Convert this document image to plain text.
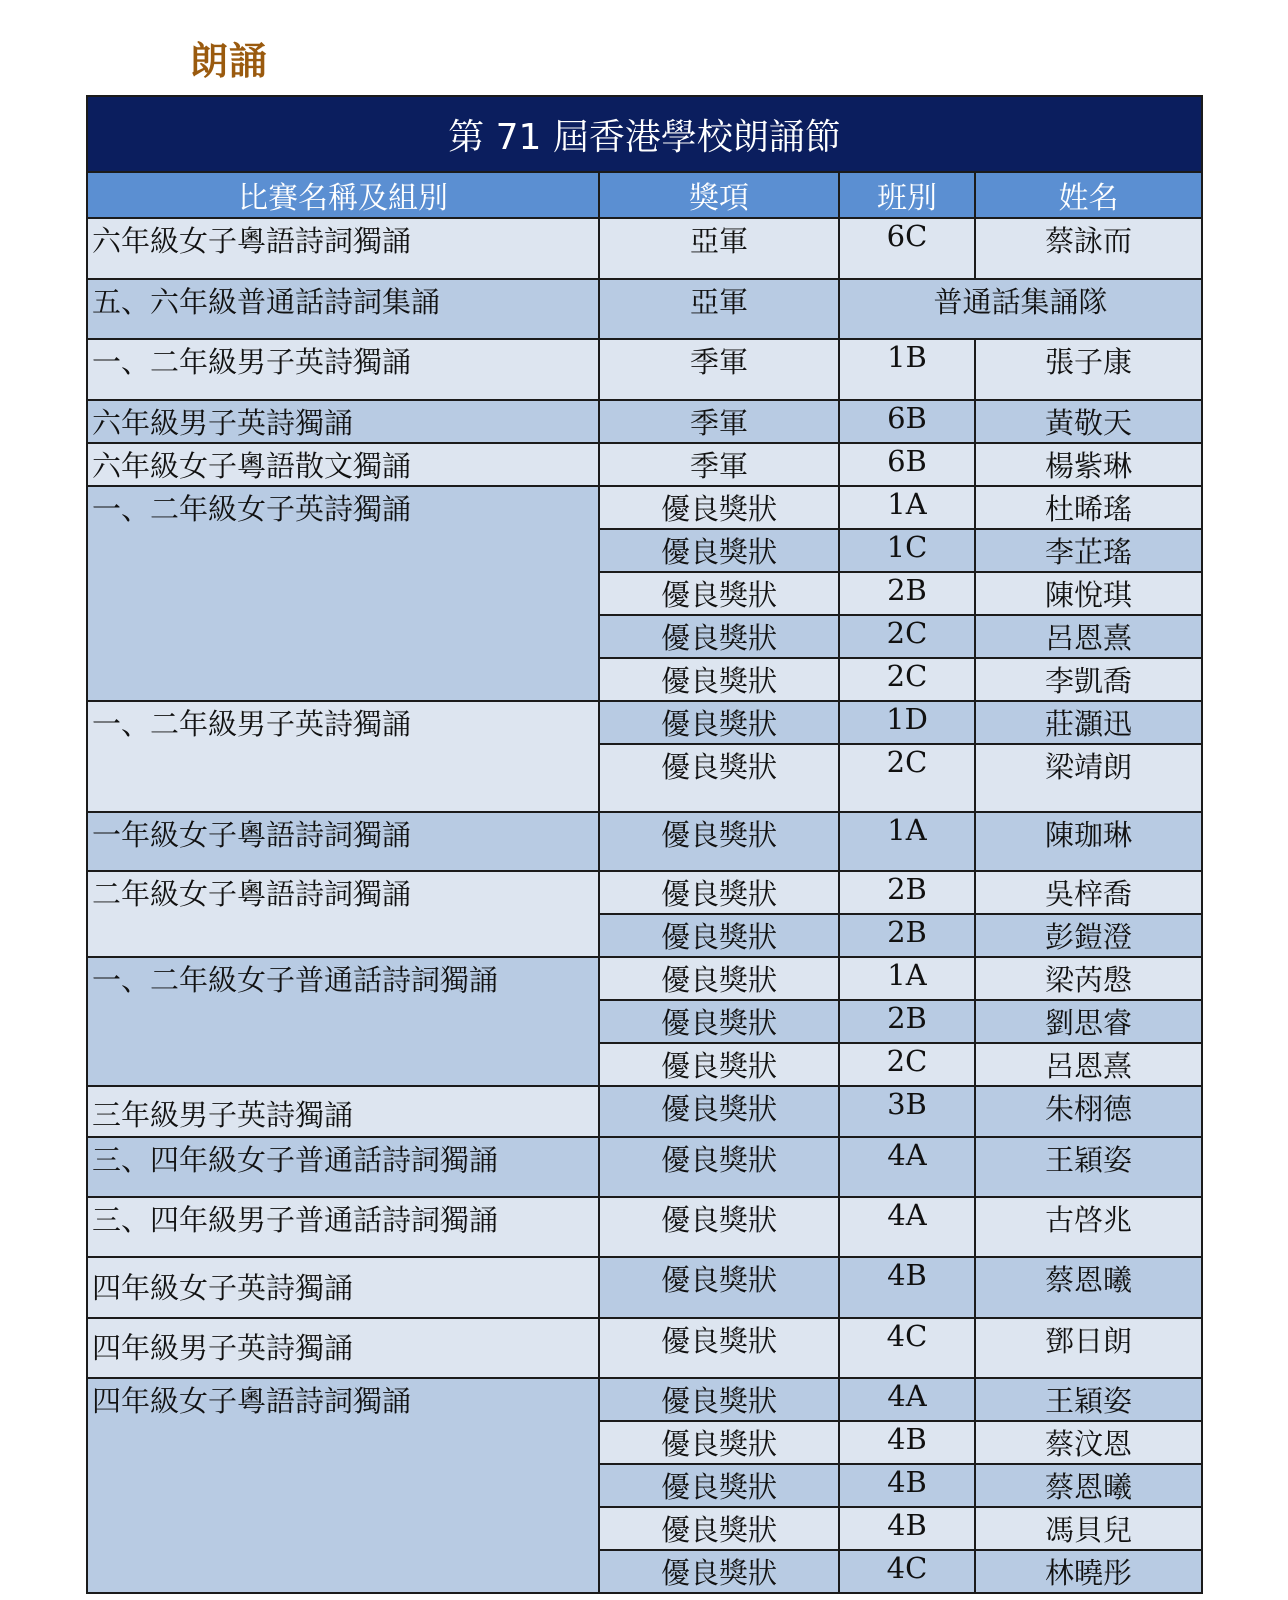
朗誦
第 71 屆香港學校朗誦節			
比賽名稱及組別	獎項	班別	姓名
六年級女子粵語詩詞獨誦	亞軍	6C	蔡詠而
五、六年級普通話詩詞集誦	亞軍	普通話集誦隊	
一、二年級男子英詩獨誦	季軍	1B	張子康
六年級男子英詩獨誦	季軍	6B	黃敬天
六年級女子粵語散文獨誦	季軍	6B	楊紫琳
一、二年級女子英詩獨誦	優良獎狀	1A	杜晞瑤
	優良獎狀	1C	李芷瑤
	優良獎狀	2B	陳悅琪
	優良獎狀	2C	呂恩熹
	優良獎狀	2C	李凱喬
一、二年級男子英詩獨誦	優良獎狀	1D	莊灝迅
	優良獎狀	2C	梁靖朗
一年級女子粵語詩詞獨誦	優良獎狀	1A	陳珈琳
二年級女子粵語詩詞獨誦	優良獎狀	2B	吳梓喬
	優良獎狀	2B	彭鎧澄
一、二年級女子普通話詩詞獨誦	優良獎狀	1A	梁芮慇
	優良獎狀	2B	劉思睿
	優良獎狀	2C	呂恩熹
三年級男子英詩獨誦	優良獎狀	3B	朱栩德
三、四年級女子普通話詩詞獨誦	優良獎狀	4A	王穎姿
三、四年級男子普通話詩詞獨誦	優良獎狀	4A	古啓兆
四年級女子英詩獨誦	優良獎狀	4B	蔡恩曦
四年級男子英詩獨誦	優良獎狀	4C	鄧日朗
四年級女子粵語詩詞獨誦	優良獎狀	4A	王穎姿
	優良獎狀	4B	蔡汶恩
	優良獎狀	4B	蔡恩曦
	優良獎狀	4B	馮貝兒
	優良獎狀	4C	林曉彤
